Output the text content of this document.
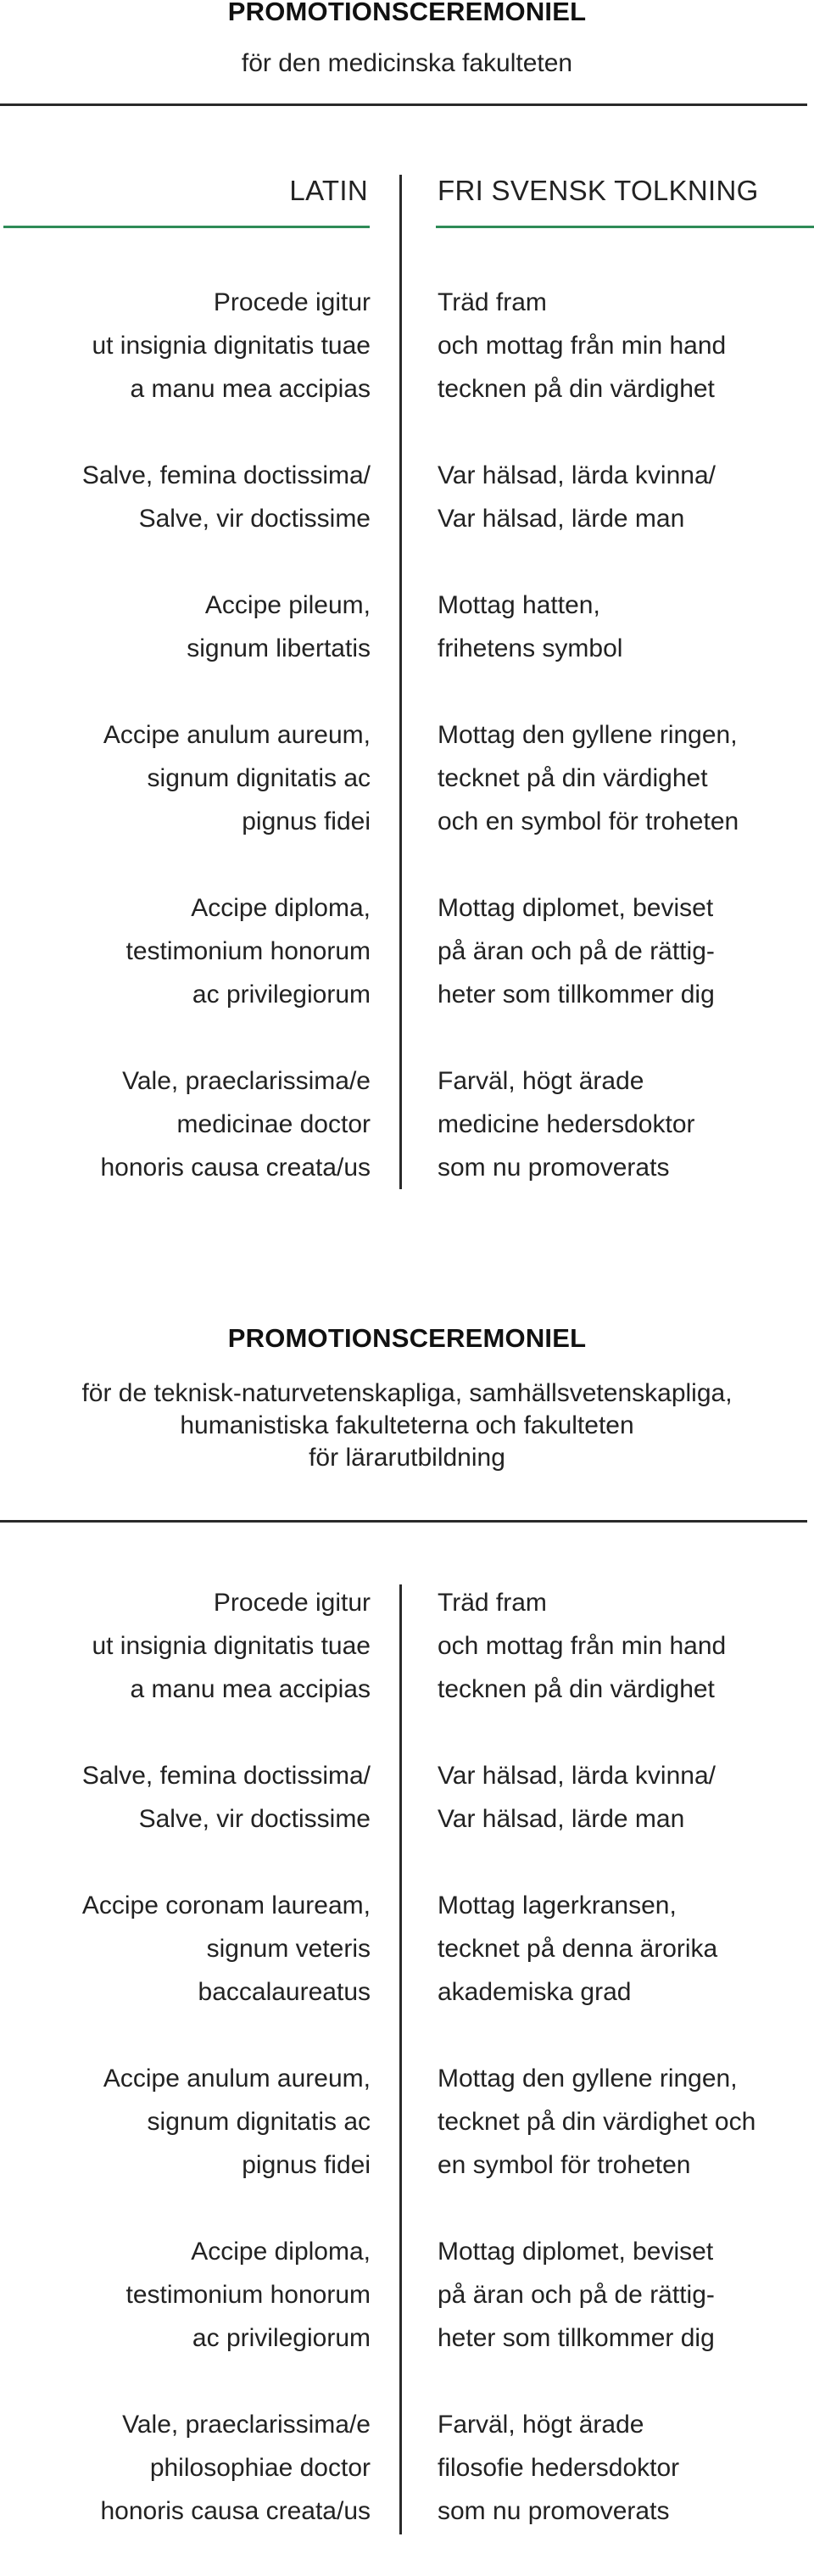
PROMOTIONSCEREMONIEL
för den medicinska fakulteten
LATIN FRI SVENSK TOLKNING
Procede igitur
ut insignia dignitatis tuae
a manu mea accipias
Salve, femina doctissima/
Salve, vir doctissime
Accipe pileum,
signum libertatis
Accipe anulum aureum,
signum dignitatis ac
pignus fidei
Accipe diploma,
testimonium honorum
ac privilegiorum
Vale, praeclarissima/e
medicinae doctor
honoris causa creata/us
Träd fram
och mottag från min hand
tecknen på din värdighet
Var hälsad, lärda kvinna/
Var hälsad, lärde man
Mottag hatten,
frihetens symbol
Mottag den gyllene ringen,
tecknet på din värdighet
och en symbol för troheten
Mottag diplomet, beviset
på äran och på de rättig-
heter som tillkommer dig
Farväl, högt ärade
medicine hedersdoktor
som nu promoverats
PROMOTIONSCEREMONIEL
för de teknisk-naturvetenskapliga, samhällsvetenskapliga,
humanistiska fakulteterna och fakulteten
för lärarutbildning
Procede igitur
ut insignia dignitatis tuae
a manu mea accipias
Salve, femina doctissima/
Salve, vir doctissime
Accipe coronam lauream,
signum veteris
baccalaureatus
Accipe anulum aureum,
signum dignitatis ac
pignus fidei
Accipe diploma,
testimonium honorum
ac privilegiorum
Vale, praeclarissima/e
philosophiae doctor
honoris causa creata/us
Träd fram
och mottag från min hand
tecknen på din värdighet
Var hälsad, lärda kvinna/
Var hälsad, lärde man
Mottag lagerkransen,
tecknet på denna ärorika
akademiska grad
Mottag den gyllene ringen,
tecknet på din värdighet och
en symbol för troheten
Mottag diplomet, beviset
på äran och på de rättig-
heter som tillkommer dig
Farväl, högt ärade
filosofie hedersdoktor
som nu promoverats
